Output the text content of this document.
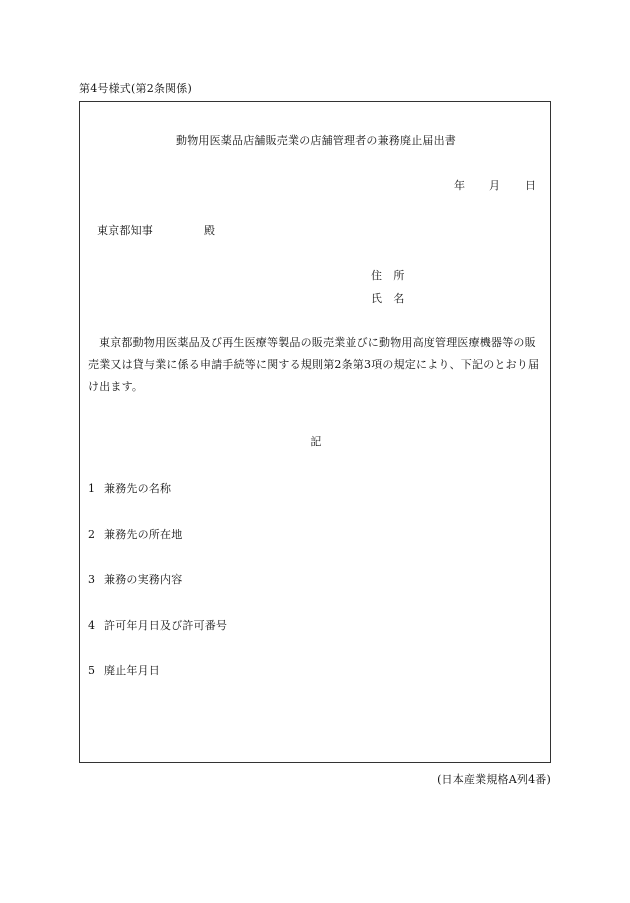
第4号様式(第2条関係)
動物用医薬品店舗販売業の店舗管理者の兼務廃止届出書
年 月 日
東京都知事	殿
住　所
氏　名
東京都動物用医薬品及び再生医療等製品の販売業並びに動物用高度管理医療機器等の販売業又は貸与業に係る申請手続等に関する規則第2条第3項の規定により、下記のとおり届け出ます。
記
1 兼務先の名称
2 兼務先の所在地
3 兼務の実務内容
4 許可年月日及び許可番号
5 廃止年月日
(日本産業規格A列4番)
